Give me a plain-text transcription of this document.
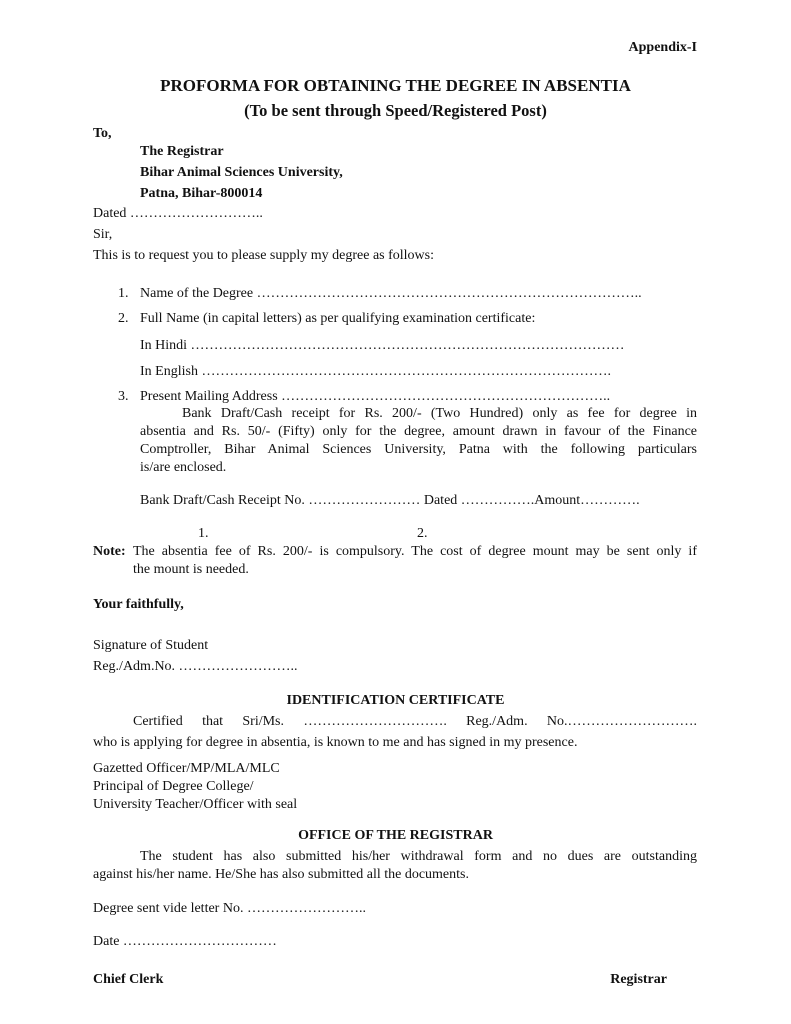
Appendix-I
PROFORMA FOR OBTAINING THE DEGREE IN ABSENTIA
(To be sent through Speed/Registered Post)
To,
The Registrar
Bihar Animal Sciences University,
Patna, Bihar-800014
Dated ………………………..
Sir,
This is to request you to please supply my degree as follows:
1. Name of the Degree ………………………………………………………………………..
2. Full Name (in capital letters) as per qualifying examination certificate:
In Hindi …………………………………………………………………………………
In English …………………………………………………………………………….
3. Present Mailing Address ……………………………………………………………..
Bank Draft/Cash receipt for Rs. 200/- (Two Hundred) only as fee for degree in
absentia and Rs. 50/- (Fifty) only for the degree, amount drawn in favour of the Finance
Comptroller, Bihar Animal Sciences University, Patna with the following particulars
is/are enclosed.
Bank Draft/Cash Receipt No. …………………… Dated …………….Amount………….
1.	2.
Note: The absentia fee of Rs. 200/- is compulsory. The cost of degree mount may be sent only if
the mount is needed.
Your faithfully,
Signature of Student
Reg./Adm.No. ……………………..
IDENTIFICATION CERTIFICATE
Certified that Sri/Ms. …………………………. Reg./Adm. No.……………………….
who is applying for degree in absentia, is known to me and has signed in my presence.
Gazetted Officer/MP/MLA/MLC
Principal of Degree College/
University Teacher/Officer with seal
OFFICE OF THE REGISTRAR
The student has also submitted his/her withdrawal form and no dues are outstanding
against his/her name. He/She has also submitted all the documents.
Degree sent vide letter No. ……………………..
Date ……………………………
Chief Clerk	Registrar
